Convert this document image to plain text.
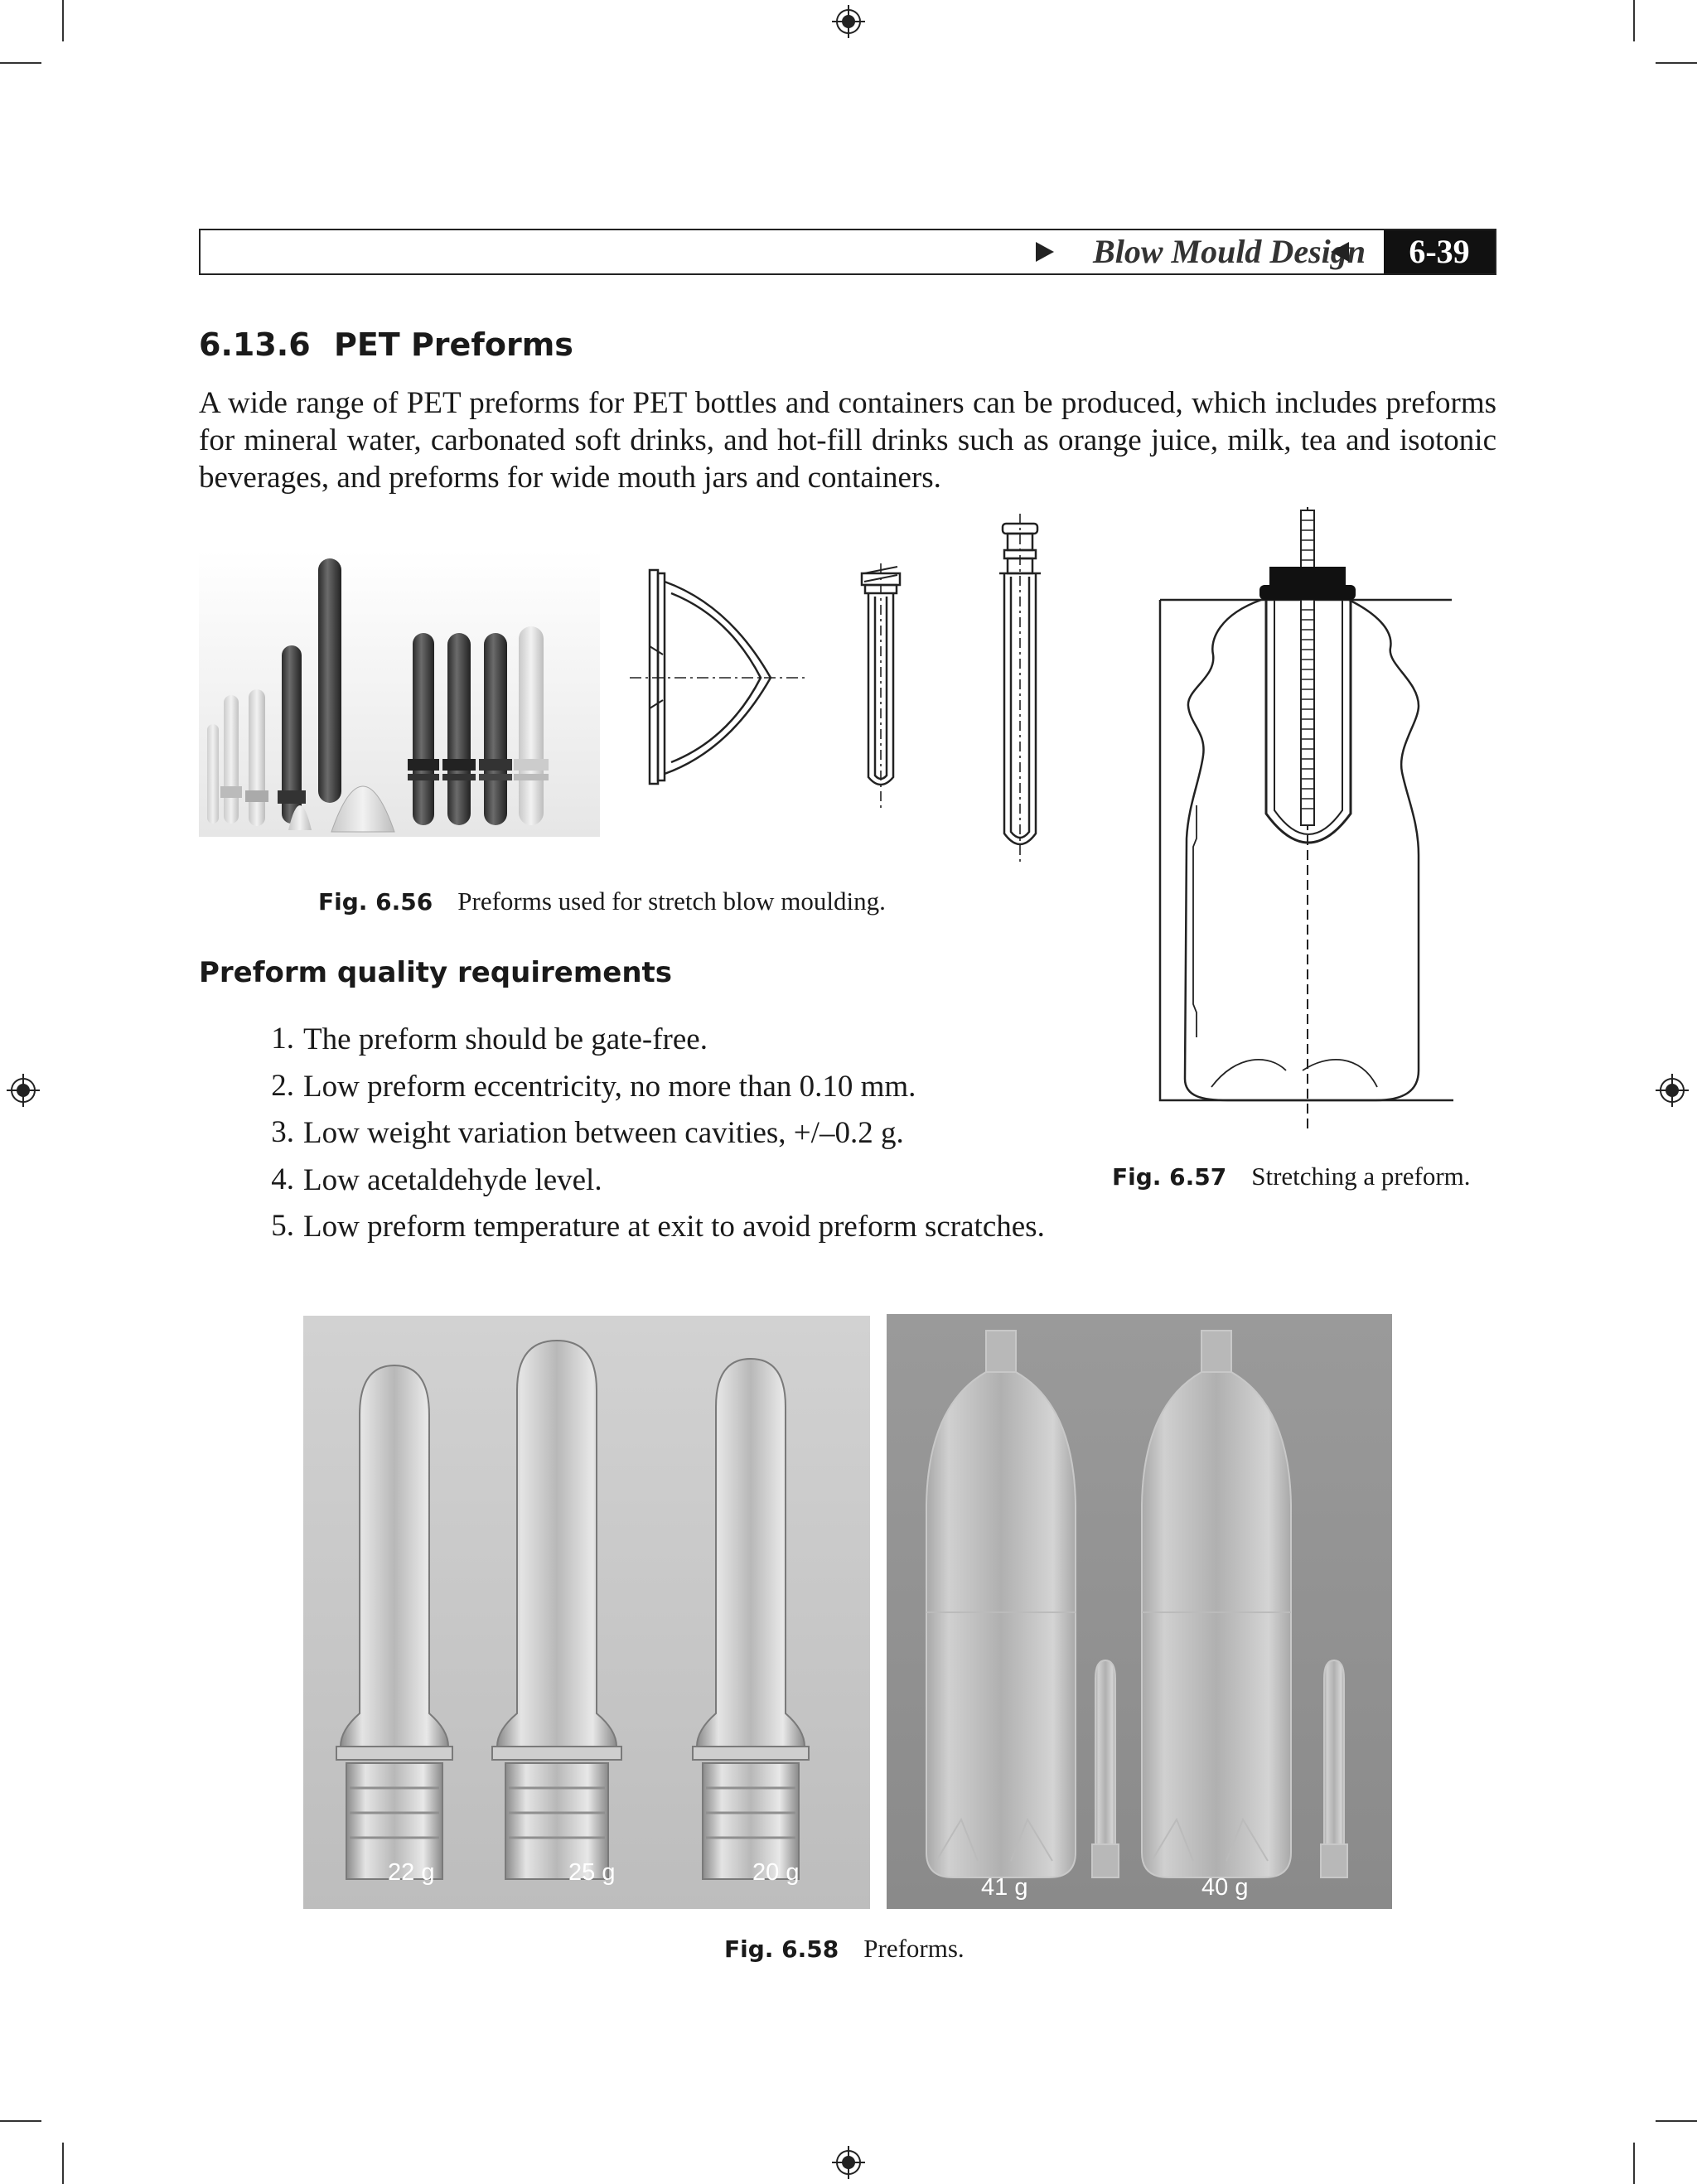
Blow Mould Design	6-39
6.13.6 PET Preforms
A wide range of PET preforms for PET bottles and containers can be produced, which includes preforms for mineral water, carbonated soft drinks, and hot-fill drinks such as orange juice, milk, tea and isotonic beverages, and preforms for wide mouth jars and containers.
Fig. 6.56 Preforms used for stretch blow moulding.
Fig. 6.57 Stretching a preform.
Preform quality requirements
1. The preform should be gate-free.
2. Low preform eccentricity, no more than 0.10 mm.
3. Low weight variation between cavities, +/–0.2 g.
4. Low acetaldehyde level.
5. Low preform temperature at exit to avoid preform scratches.
22 g	25 g	20 g
41 g	40 g
Fig. 6.58 Preforms.
